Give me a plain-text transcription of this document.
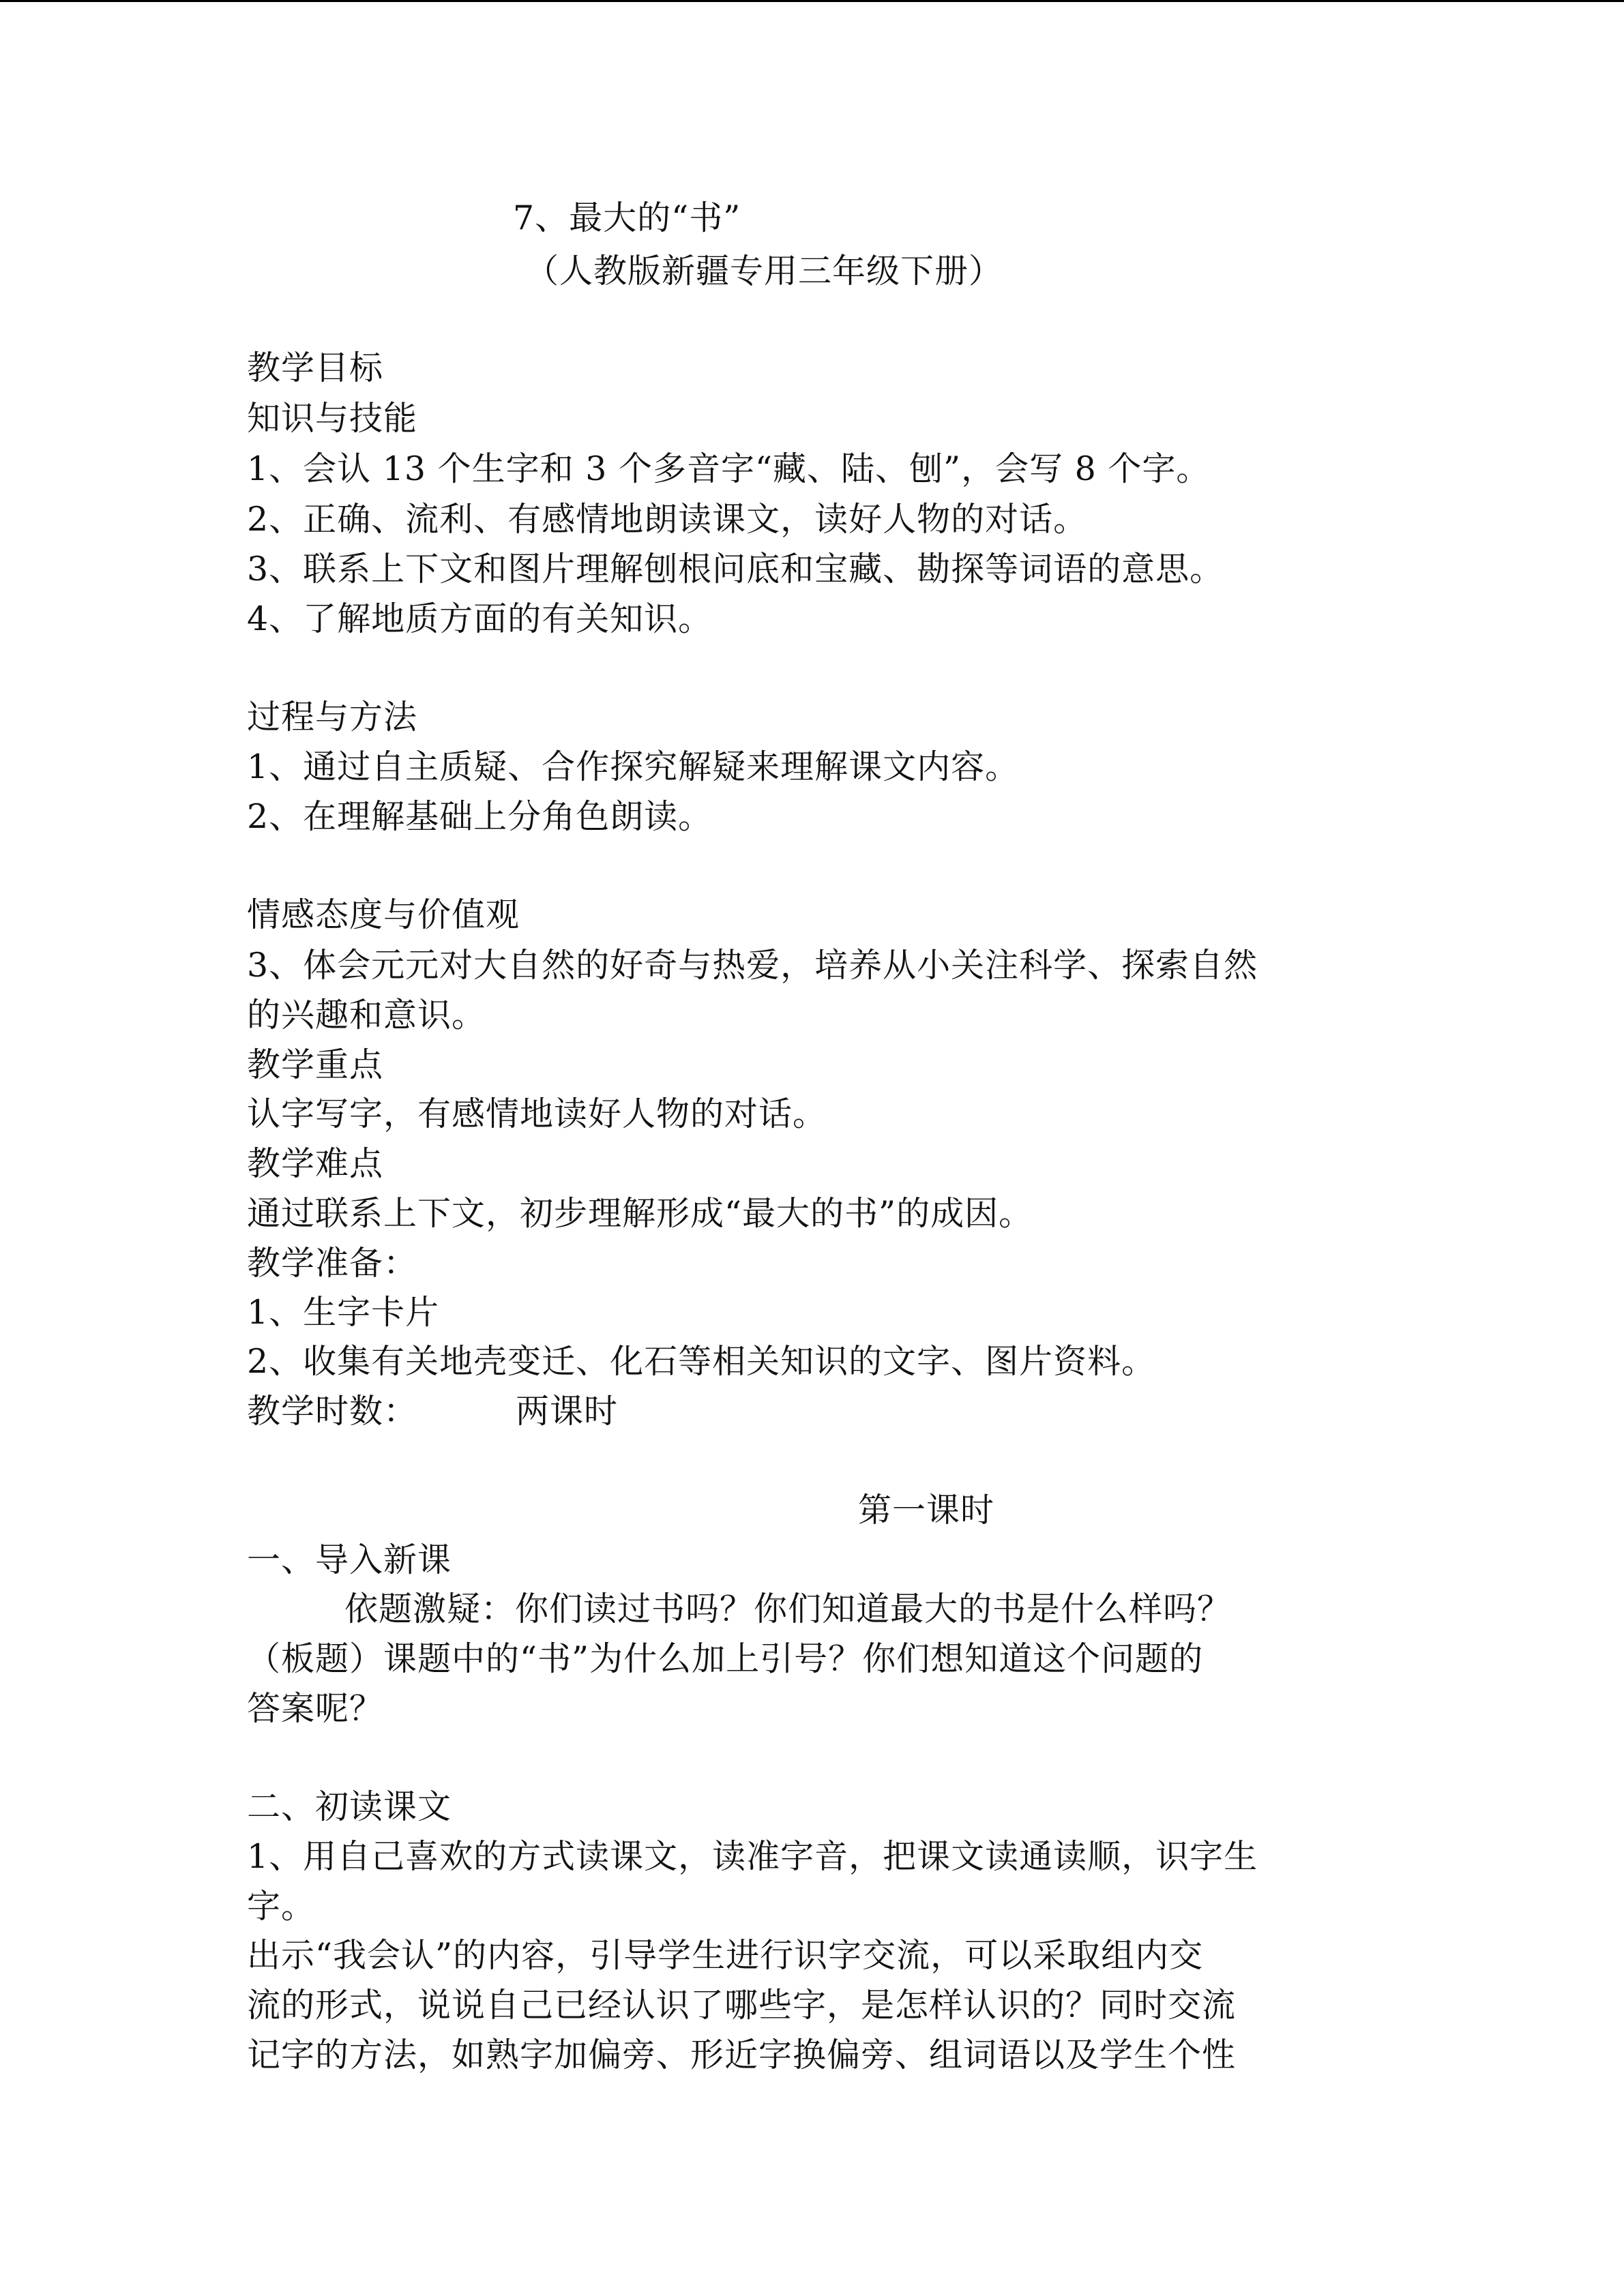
7、最大的“书”
（人教版新疆专用三年级下册）
教学目标
知识与技能
1、会认 13 个生字和 3 个多音字“藏、陆、刨”，会写 8 个字。
2、正确、流利、有感情地朗读课文，读好人物的对话。
3、联系上下文和图片理解刨根问底和宝藏、勘探等词语的意思。
4、了解地质方面的有关知识。
过程与方法
1、通过自主质疑、合作探究解疑来理解课文内容。
2、在理解基础上分角色朗读。
情感态度与价值观
3、体会元元对大自然的好奇与热爱，培养从小关注科学、探索自然
的兴趣和意识。
教学重点
认字写字，有感情地读好人物的对话。
教学难点
通过联系上下文，初步理解形成“最大的书”的成因。
教学准备：
1、生字卡片
2、收集有关地壳变迁、化石等相关知识的文字、图片资料。
教学时数：	两课时
第一课时
一、导入新课
依题激疑：你们读过书吗？你们知道最大的书是什么样吗？
（板题）课题中的“书”为什么加上引号？你们想知道这个问题的
答案呢？
二、初读课文
1、用自己喜欢的方式读课文，读准字音，把课文读通读顺，识字生
字。
出示“我会认”的内容，引导学生进行识字交流，可以采取组内交
流的形式，说说自己已经认识了哪些字，是怎样认识的？同时交流
记字的方法，如熟字加偏旁、形近字换偏旁、组词语以及学生个性
